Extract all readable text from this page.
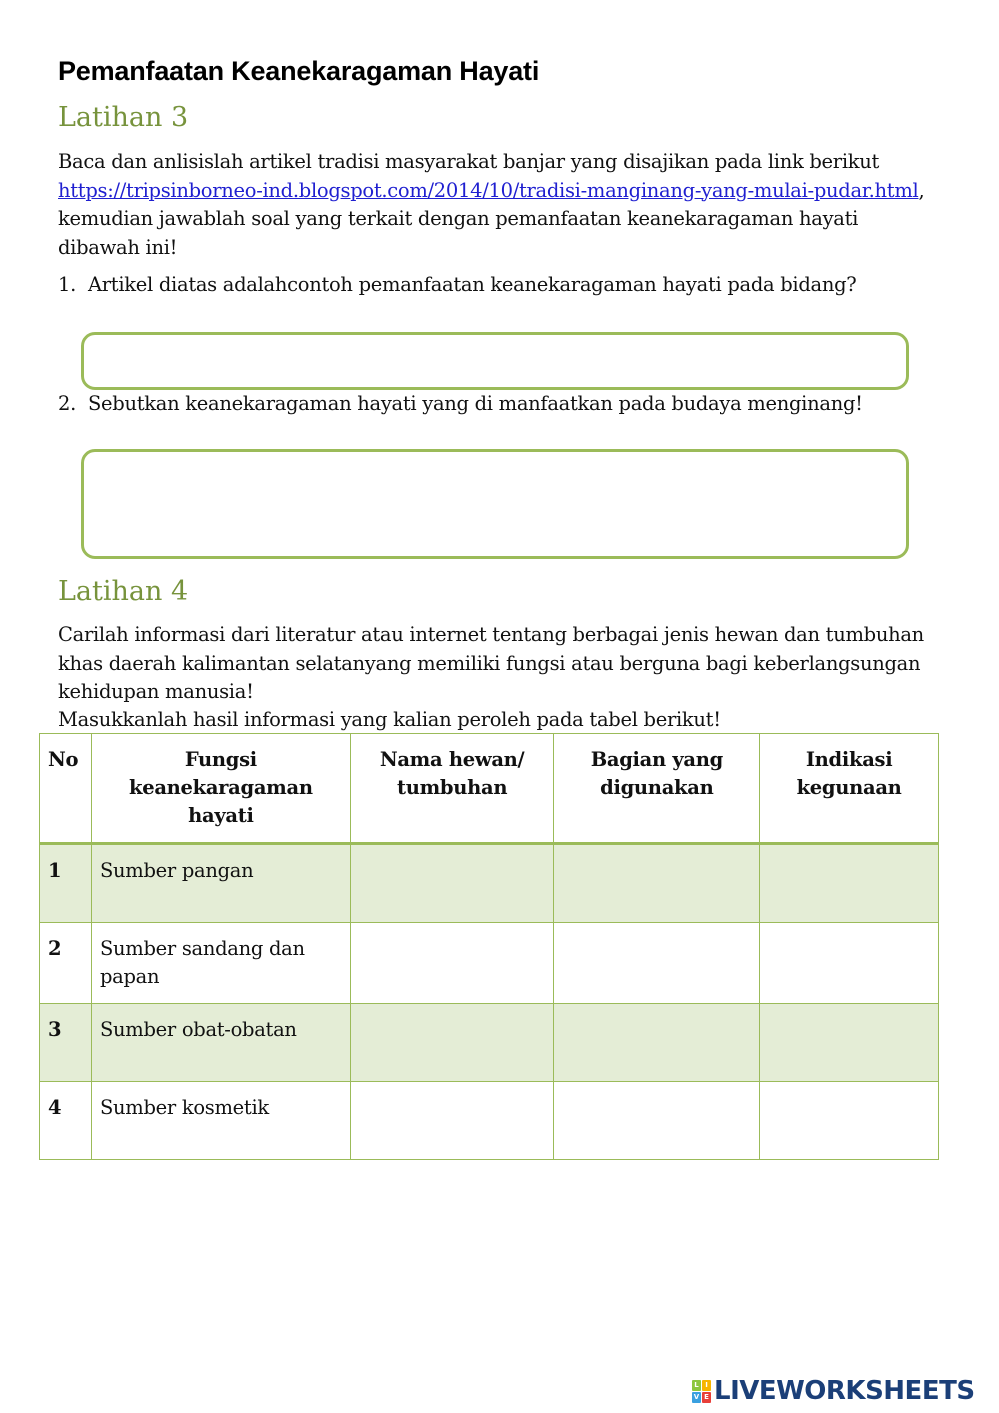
Pemanfaatan Keanekaragaman Hayati
Latihan 3

Baca dan anlisislah artikel tradisi masyarakat banjar yang disajikan pada link berikut https://tripsinborneo-ind.blogspot.com/2014/10/tradisi-manginang-yang-mulai-pudar.html, kemudian jawablah soal yang terkait dengan pemanfaatan keanekaragaman hayati dibawah ini!

1. Artikel diatas adalahcontoh pemanfaatan keanekaragaman hayati pada bidang?

2. Sebutkan keanekaragaman hayati yang di manfaatkan pada budaya menginang!

Latihan 4

Carilah informasi dari literatur atau internet tentang berbagai jenis hewan dan tumbuhan khas daerah kalimantan selatanyang memiliki fungsi atau berguna bagi keberlangsungan kehidupan manusia!

Masukkanlah hasil informasi yang kalian peroleh pada tabel berikut!

No	Fungsi keanekaragaman hayati	Nama hewan/ tumbuhan	Bagian yang digunakan	Indikasi kegunaan
1	Sumber pangan			
2	Sumber sandang dan papan			
3	Sumber obat-obatan			
4	Sumber kosmetik			
L I
V E LIVEWORKSHEETS
